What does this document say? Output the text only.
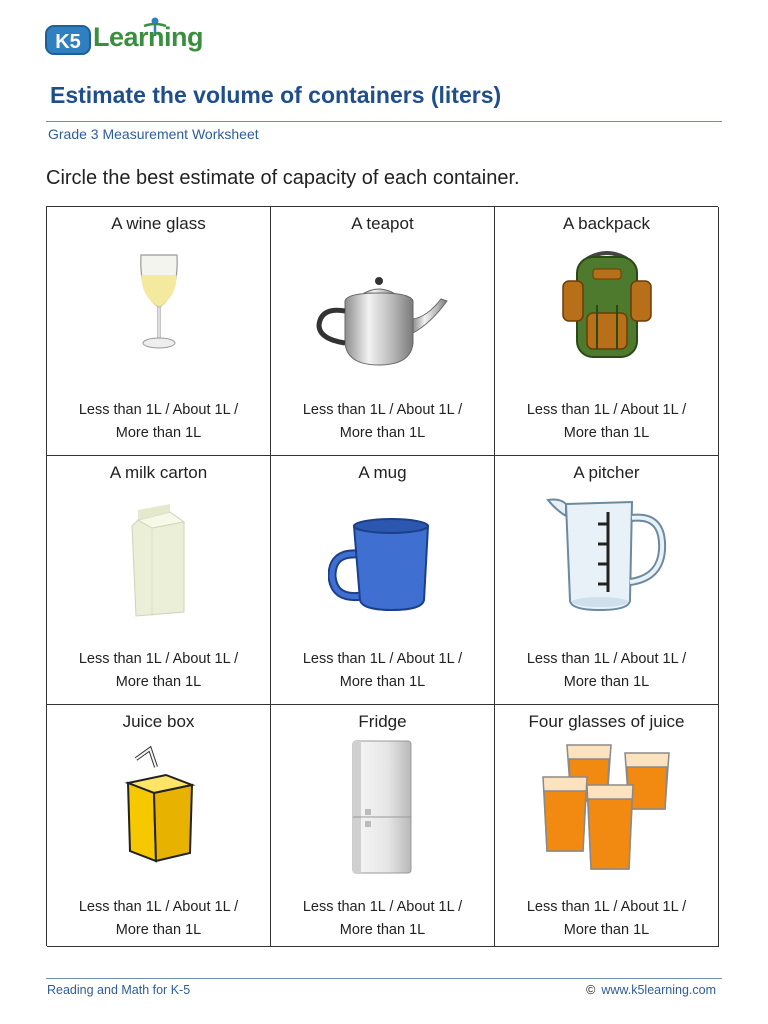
K5 Learning
Estimate the volume of containers (liters)
Grade 3 Measurement Worksheet
Circle the best estimate of capacity of each container.
A wine glass
Less than 1L / About 1L /
More than 1L
A teapot
Less than 1L / About 1L /
More than 1L
A backpack
Less than 1L / About 1L /
More than 1L
A milk carton
Less than 1L / About 1L /
More than 1L
A mug
Less than 1L / About 1L /
More than 1L
A pitcher
Less than 1L / About 1L /
More than 1L
Juice box
Less than 1L / About 1L /
More than 1L
Fridge
Less than 1L / About 1L /
More than 1L
Four glasses of juice
Less than 1L / About 1L /
More than 1L
Reading and Math for K-5	© www.k5learning.com
